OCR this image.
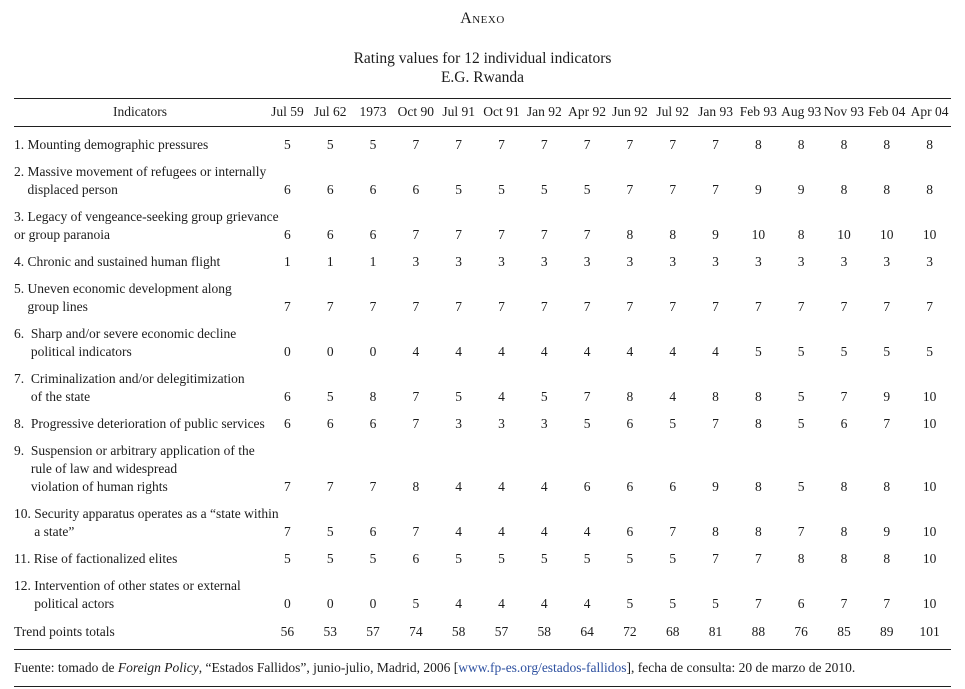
Anexo
Rating values for 12 individual indicators
E.G. Rwanda
Indicators	Jul 59	Jul 62	1973	Oct 90	Jul 91	Oct 91	Jan 92	Apr 92	Jun 92	Jul 92	Jan 93	Feb 93	Aug 93	Nov 93	Feb 04	Apr 04

1. Mounting demographic pressures	5	5	5	7	7	7	7	7	7	7	7	8	8	8	8	8

2. Massive movement of refugees or internally
displaced person	6	6	6	6	5	5	5	5	7	7	7	9	9	8	8	8

3. Legacy of vengeance-seeking group grievance
or group paranoia	6	6	6	7	7	7	7	7	8	8	9	10	8	10	10	10

4. Chronic and sustained human flight	1	1	1	3	3	3	3	3	3	3	3	3	3	3	3	3

5. Uneven economic development along
group lines	7	7	7	7	7	7	7	7	7	7	7	7	7	7	7	7

6.  Sharp and/or severe economic decline
political indicators	0	0	0	4	4	4	4	4	4	4	4	5	5	5	5	5

7.  Criminalization and/or delegitimization
of the state	6	5	8	7	5	4	5	7	8	4	8	8	5	7	9	10

8.  Progressive deterioration of public services	6	6	6	7	3	3	3	5	6	5	7	8	5	6	7	10

9.  Suspension or arbitrary application of the
rule of law and widespread
violation of human rights	7	7	7	8	4	4	4	6	6	6	9	8	5	8	8	10

10. Security apparatus operates as a “state within
a state”	7	5	6	7	4	4	4	4	6	7	8	8	7	8	9	10

11. Rise of factionalized elites	5	5	5	6	5	5	5	5	5	5	7	7	8	8	8	10

12. Intervention of other states or external
political actors	0	0	0	5	4	4	4	4	5	5	5	7	6	7	7	10

Trend points totals	56	53	57	74	58	57	58	64	72	68	81	88	76	85	89	101
Fuente: tomado de Foreign Policy, “Estados Fallidos”, junio-julio, Madrid, 2006 [www.fp-es.org/estados-fallidos], fecha de consulta: 20 de marzo de 2010.
